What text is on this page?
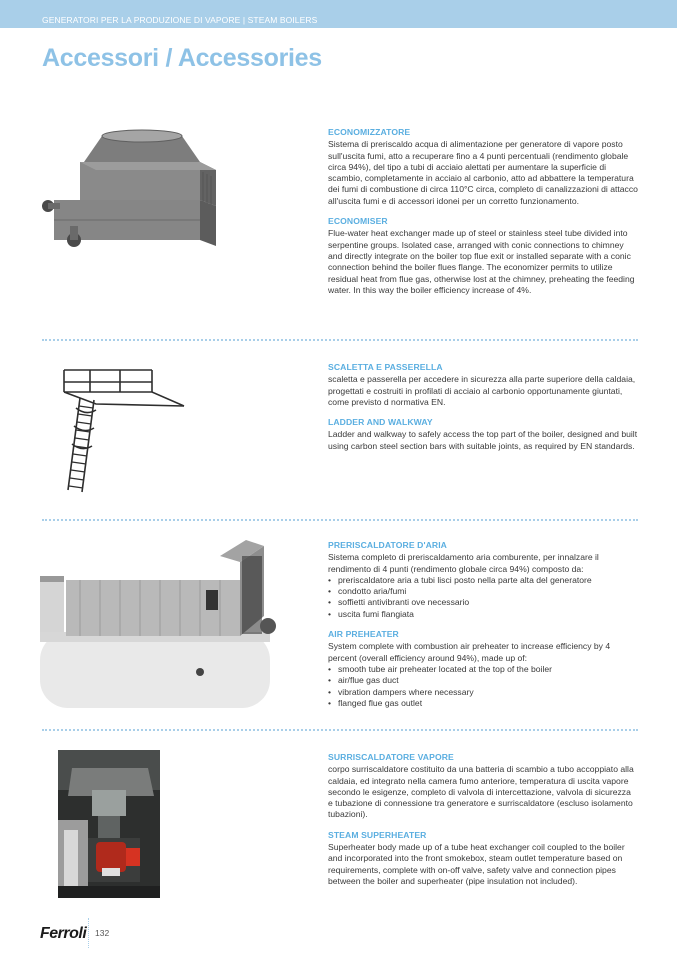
GENERATORI PER LA PRODUZIONE DI VAPORE | STEAM BOILERS
Accessori / Accessories
ECONOMIZZATORE
Sistema di preriscaldo acqua di alimentazione per generatore di vapore posto sull'uscita fumi, atto a recuperare fino a 4 punti percentuali (rendimento globale circa 94%), del tipo a tubi di acciaio alettati per aumentare la superficie di scambio, completamente in acciaio al carbonio, atto ad abbattere la temperatura dei fumi di combustione di circa 110°C circa, completo di canalizzazioni di attacco all'uscita fumi e di accessori idonei per un corretto funzionamento.
ECONOMISER
Flue-water heat exchanger made up of steel or stainless steel tube divided into serpentine groups. Isolated case, arranged with conic connections to chimney and directly integrate on the boiler top flue exit or installed separate with a conic connection behind the boiler flues flange. The economizer permits to utilize residual heat from flue gas, otherwise lost at the chimney, preheating the feeding water. In this way the boiler efficiency increase of 4%.
SCALETTA E PASSERELLA
scaletta e passerella per accedere in sicurezza alla parte superiore della caldaia, progettati e costruiti in profilati di acciaio al carbonio opportunamente giuntati, come previsto d normativa EN.
LADDER AND WALKWAY
Ladder and walkway to safely access the top part of the boiler, designed and built using carbon steel section bars with suitable joints, as required by EN standards.
PRERISCALDATORE D'ARIA
Sistema completo di preriscaldamento aria comburente, per innalzare il rendimento di 4 punti (rendimento globale circa 94%) composto da:
• preriscaldatore aria a tubi lisci posto nella parte alta del generatore
• condotto aria/fumi
• soffietti antivibranti ove necessario
• uscita fumi flangiata
AIR PREHEATER
System complete with combustion air preheater to increase efficiency by 4 percent (overall efficiency around 94%), made up of:
• smooth tube air preheater located at the top of the boiler
• air/flue gas duct
• vibration dampers where necessary
• flanged flue gas outlet
SURRISCALDATORE VAPORE
corpo surriscaldatore costituito da una batteria di scambio a tubo accoppiato alla caldaia, ed integrato nella camera fumo anteriore, temperatura di uscita vapore secondo le esigenze, completo di valvola di intercettazione, valvola di sicurezza e tubazione di connessione tra generatore e surriscaldatore (escluso isolamento tubazioni).
STEAM SUPERHEATER
Superheater body made up of a tube heat exchanger coil coupled to the boiler and incorporated into the front smokebox, steam outlet temperature based on requirements, complete with on-off valve, safety valve and connection pipes between the boiler and superheater (pipe insulation not included).
Ferroli 132
